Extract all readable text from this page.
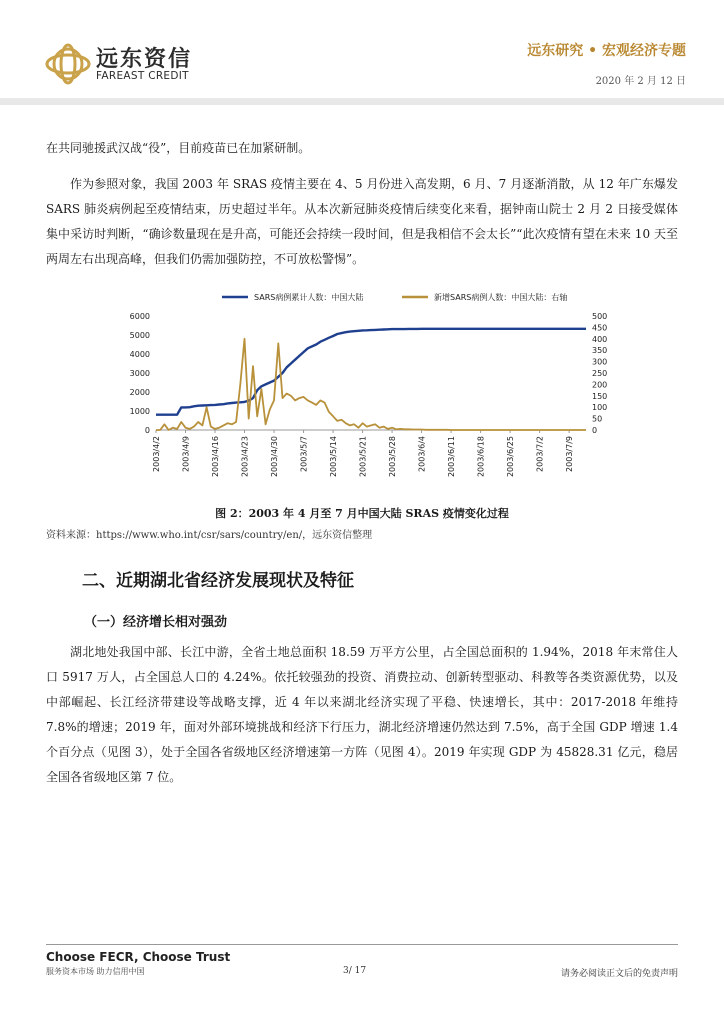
远东资信
FAREAST CREDIT
远东研究 • 宏观经济专题
2020 年 2 月 12 日

在共同驰援武汉战“役”，目前疫苗已在加紧研制。

作为参照对象，我国 2003 年 SRAS 疫情主要在 4、5 月份进入高发期，6 月、7 月逐渐消散，从 12 年广东爆发 SARS 肺炎病例起至疫情结束，历史超过半年。从本次新冠肺炎疫情后续变化来看，据钟南山院士 2 月 2 日接受媒体集中采访时判断，“确诊数量现在是升高，可能还会持续一段时间，但是我相信不会太长”“此次疫情有望在未来 10 天至两周左右出现高峰，但我们仍需加强防控，不可放松警惕”。

SARS病例累计人数：中国大陆	新增SARS病例人数：中国大陆：右轴
0
1000
2000
3000
4000
5000
6000
0
50
100
150
200
250
300
350
400
450
500
2003/4/2	2003/4/9	2003/4/16	2003/4/23	2003/4/30	2003/5/7	2003/5/14	2003/5/21	2003/5/28	2003/6/4	2003/6/11	2003/6/18	2003/6/25	2003/7/2	2003/7/9
图 2：2003 年 4 月至 7 月中国大陆 SRAS 疫情变化过程
资料来源：https://www.who.int/csr/sars/country/en/，远东资信整理
二、近期湖北省经济发展现状及特征
（一）经济增长相对强劲

湖北地处我国中部、长江中游，全省土地总面积 18.59 万平方公里，占全国总面积的 1.94%，2018 年末常住人口 5917 万人，占全国总人口的 4.24%。依托较强劲的投资、消费拉动、创新转型驱动、科教等各类资源优势，以及中部崛起、长江经济带建设等战略支撑，近 4 年以来湖北经济实现了平稳、快速增长，其中：2017-2018 年维持 7.8%的增速；2019 年，面对外部环境挑战和经济下行压力，湖北经济增速仍然达到 7.5%，高于全国 GDP 增速 1.4 个百分点（见图 3），处于全国各省级地区经济增速第一方阵（见图 4）。2019 年实现 GDP 为 45828.31 亿元，稳居全国各省级地区第 7 位。

Choose FECR, Choose Trust
服务资本市场 助力信用中国	3/ 17	请务必阅读正文后的免责声明
